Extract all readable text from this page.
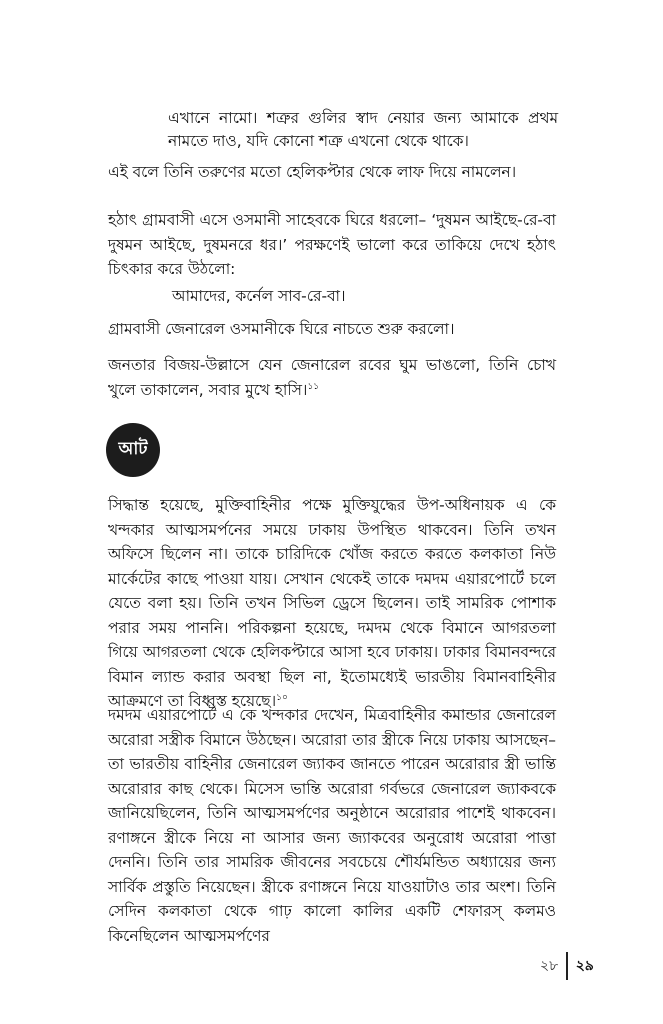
এখানে নামো। শত্রুর গুলির স্বাদ নেয়ার জন্য আমাকে প্রথম নামতে দাও, যদি কোনো শত্রু এখনো থেকে থাকে।

এই বলে তিনি তরুণের মতো হেলিকপ্টার থেকে লাফ দিয়ে নামলেন।

হঠাৎ গ্রামবাসী এসে ওসমানী সাহেবকে ঘিরে ধরলো– ‘দুষমন আইছে-রে-বা দুষমন আইছে, দুষমনরে ধর।’ পরক্ষণেই ভালো করে তাকিয়ে দেখে হঠাৎ চিৎকার করে উঠলো:

আমাদের, কর্নেল সাব-রে-বা।

গ্রামবাসী জেনারেল ওসমানীকে ঘিরে নাচতে শুরু করলো।

জনতার বিজয়-উল্লাসে যেন জেনারেল রবের ঘুম ভাঙলো, তিনি চোখ খুলে তাকালেন, সবার মুখে হাসি।$^{১১}$

আট

সিদ্ধান্ত হয়েছে, মুক্তিবাহিনীর পক্ষে মুক্তিযুদ্ধের উপ-অধিনায়ক এ কে খন্দকার আত্মসমর্পনের সময়ে ঢাকায় উপস্থিত থাকবেন। তিনি তখন অফিসে ছিলেন না। তাকে চারিদিকে খোঁজ করতে করতে কলকাতা নিউ মার্কেটের কাছে পাওয়া যায়। সেখান থেকেই তাকে দমদম এয়ারপোর্টে চলে যেতে বলা হয়। তিনি তখন সিভিল ড্রেসে ছিলেন। তাই সামরিক পোশাক পরার সময় পাননি। পরিকল্পনা হয়েছে, দমদম থেকে বিমানে আগরতলা গিয়ে আগরতলা থেকে হেলিকপ্টারে আসা হবে ঢাকায়। ঢাকার বিমানবন্দরে বিমান ল্যান্ড করার অবস্থা ছিল না, ইতোমধ্যেই ভারতীয় বিমানবাহিনীর আক্রমণে তা বিধ্বস্ত হয়েছে।$^{১০}$

দমদম এয়ারপোর্টে এ কে খন্দকার দেখেন, মিত্রবাহিনীর কমান্ডার জেনারেল অরোরা সস্ত্রীক বিমানে উঠছেন। অরোরা তার স্ত্রীকে নিয়ে ঢাকায় আসছেন– তা ভারতীয় বাহিনীর জেনারেল জ্যাকব জানতে পারেন অরোরার স্ত্রী ভান্তি অরোরার কাছ থেকে। মিসেস ভান্তি অরোরা গর্বভরে জেনারেল জ্যাকবকে জানিয়েছিলেন, তিনি আত্মসমর্পণের অনুষ্ঠানে অরোরার পাশেই থাকবেন। রণাঙ্গনে স্ত্রীকে নিয়ে না আসার জন্য জ্যাকবের অনুরোধ অরোরা পাত্তা দেননি। তিনি তার সামরিক জীবনের সবচেয়ে শৌর্যমন্ডিত অধ্যায়ের জন্য সার্বিক প্রস্তুতি নিয়েছেন। স্ত্রীকে রণাঙ্গনে নিয়ে যাওয়াটাও তার অংশ। তিনি সেদিন কলকাতা থেকে গাঢ় কালো কালির একটি শেফারস্ কলমও কিনেছিলেন আত্মসমর্পণের

২৮ ২৯
